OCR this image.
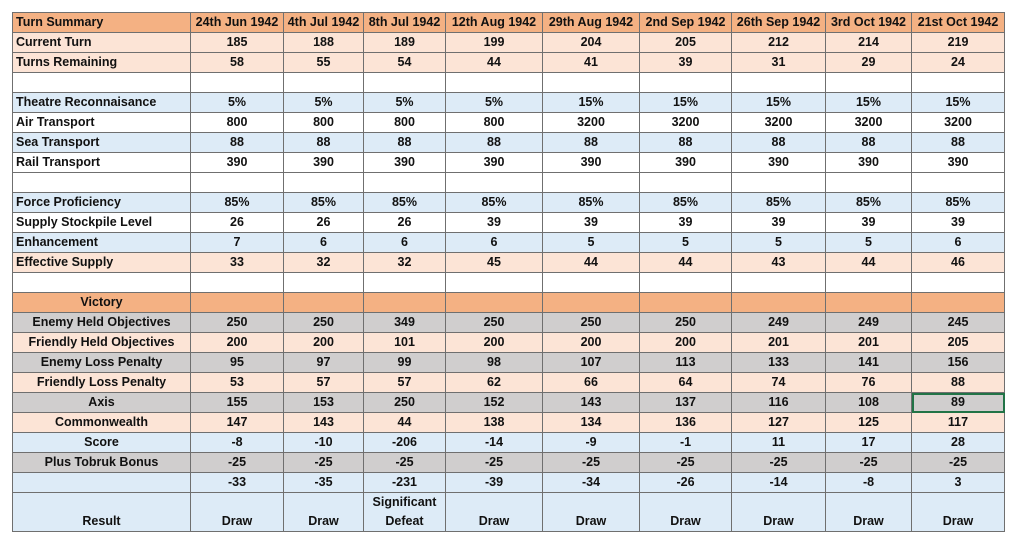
Turn Summary	24th Jun 1942	4th Jul 1942	8th Jul 1942	12th Aug 1942	29th Aug 1942	2nd Sep 1942	26th Sep 1942	3rd Oct 1942	21st Oct 1942
Current Turn	185	188	189	199	204	205	212	214	219
Turns Remaining	58	55	54	44	41	39	31	29	24

Theatre Reconnaisance	5%	5%	5%	5%	15%	15%	15%	15%	15%
Air Transport	800	800	800	800	3200	3200	3200	3200	3200
Sea Transport	88	88	88	88	88	88	88	88	88
Rail Transport	390	390	390	390	390	390	390	390	390

Force Proficiency	85%	85%	85%	85%	85%	85%	85%	85%	85%
Supply Stockpile Level	26	26	26	39	39	39	39	39	39
Enhancement	7	6	6	6	5	5	5	5	6
Effective Supply	33	32	32	45	44	44	43	44	46

Victory									
Enemy Held Objectives	250	250	349	250	250	250	249	249	245
Friendly Held Objectives	200	200	101	200	200	200	201	201	205
Enemy Loss Penalty	95	97	99	98	107	113	133	141	156
Friendly Loss Penalty	53	57	57	62	66	64	74	76	88
Axis	155	153	250	152	143	137	116	108	89
Commonwealth	147	143	44	138	134	136	127	125	117
Score	-8	-10	-206	-14	-9	-1	11	17	28
Plus Tobruk Bonus	-25	-25	-25	-25	-25	-25	-25	-25	-25
	-33	-35	-231	-39	-34	-26	-14	-8	3
Result	Draw	Draw	Significant Defeat	Draw	Draw	Draw	Draw	Draw	Draw
